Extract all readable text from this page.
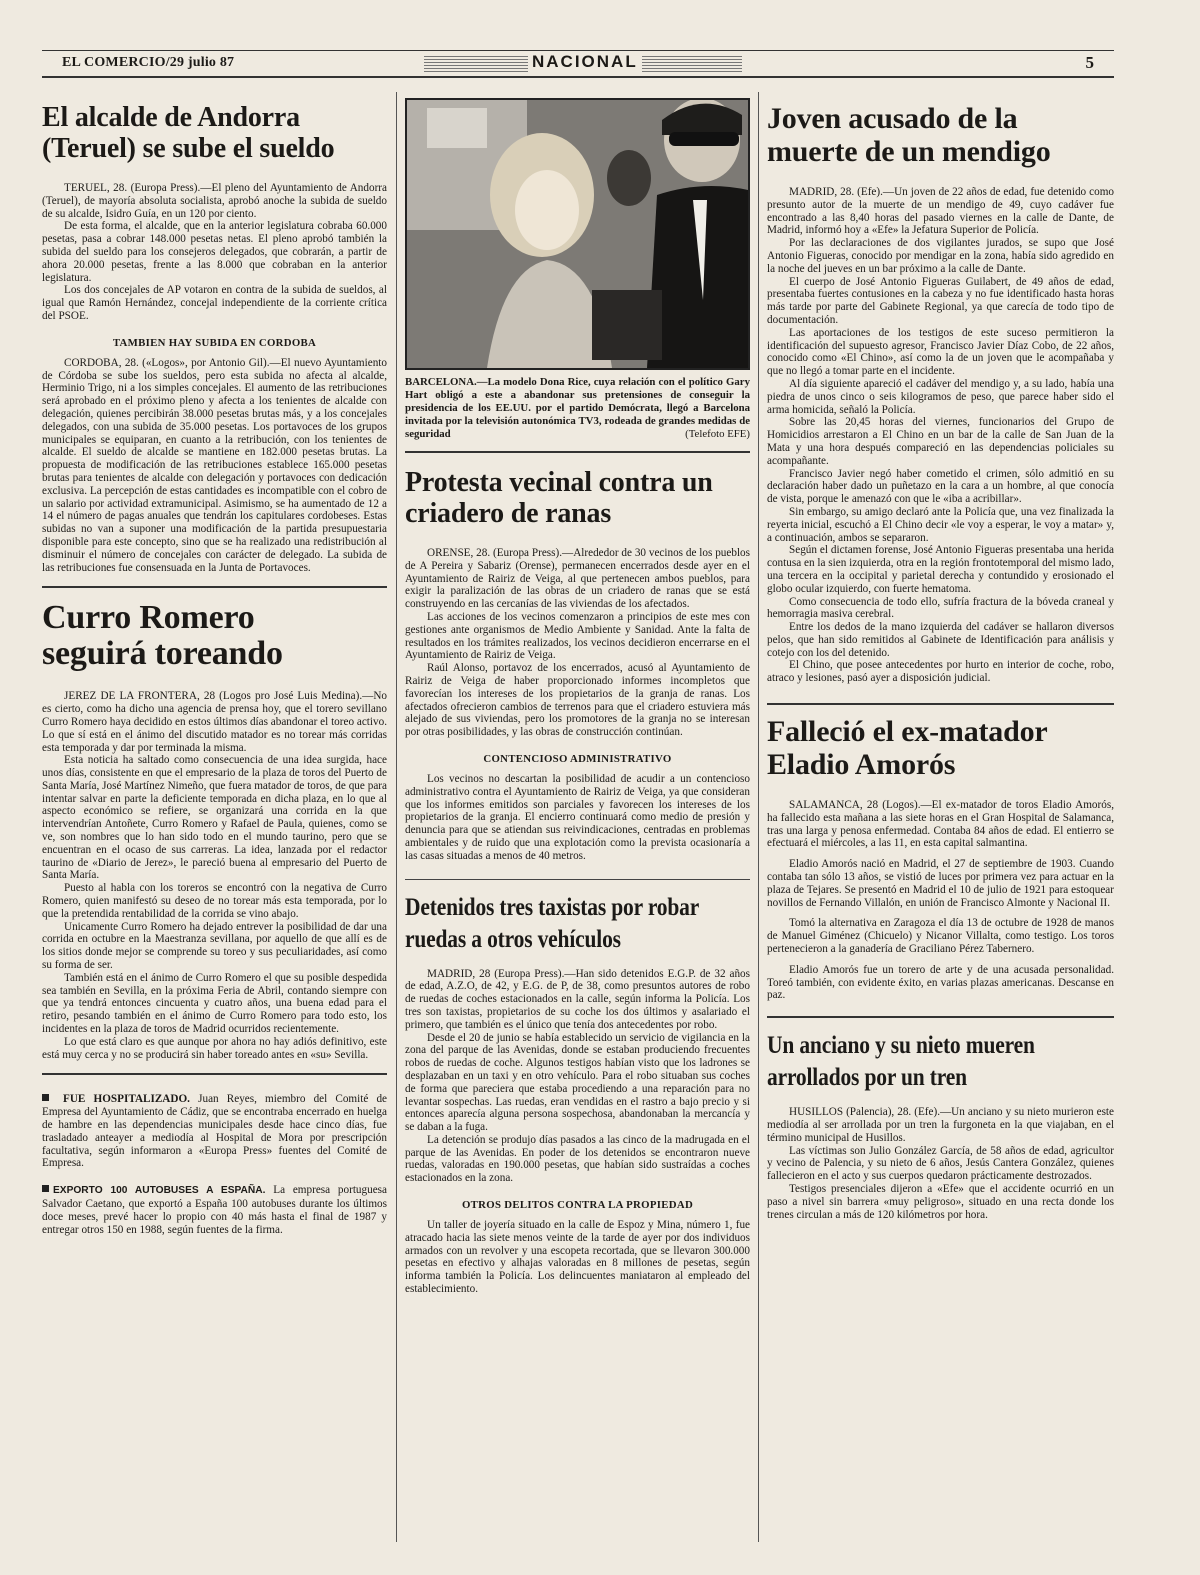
EL COMERCIO/29 julio 87	NACIONAL	5
El alcalde de Andorra (Teruel) se sube el sueldo

TERUEL, 28. (Europa Press).—El pleno del Ayuntamiento de Andorra (Teruel), de mayoría absoluta socialista, aprobó anoche la subida de sueldo de su alcalde, Isidro Guía, en un 120 por ciento.

De esta forma, el alcalde, que en la anterior legislatura cobraba 60.000 pesetas, pasa a cobrar 148.000 pesetas netas. El pleno aprobó también la subida del sueldo para los consejeros delegados, que cobrarán, a partir de ahora 20.000 pesetas, frente a las 8.000 que cobraban en la anterior legislatura.

Los dos concejales de AP votaron en contra de la subida de sueldos, al igual que Ramón Hernández, concejal independiente de la corriente crítica del PSOE.

TAMBIEN HAY SUBIDA EN CORDOBA

CORDOBA, 28. («Logos», por Antonio Gil).—El nuevo Ayuntamiento de Córdoba se sube los sueldos, pero esta subida no afecta al alcalde, Herminio Trigo, ni a los simples concejales. El aumento de las retribuciones será aprobado en el próximo pleno y afecta a los tenientes de alcalde con delegación, quienes percibirán 38.000 pesetas brutas más, y a los concejales delegados, con una subida de 35.000 pesetas. Los portavoces de los grupos municipales se equiparan, en cuanto a la retribución, con los tenientes de alcalde. El sueldo de alcalde se mantiene en 182.000 pesetas brutas. La propuesta de modificación de las retribuciones establece 165.000 pesetas brutas para tenientes de alcalde con delegación y portavoces con dedicación exclusiva. La percepción de estas cantidades es incompatible con el cobro de un salario por actividad extramunicipal. Asimismo, se ha aumentado de 12 a 14 el número de pagas anuales que tendrán los capitulares cordobeses. Estas subidas no van a suponer una modificación de la partida presupuestaria disponible para este concepto, sino que se ha realizado una redistribución al disminuir el número de concejales con carácter de delegado. La subida de las retribuciones fue consensuada en la Junta de Portavoces.

Curro Romero seguirá toreando

JEREZ DE LA FRONTERA, 28 (Logos pro José Luis Medina).—No es cierto, como ha dicho una agencia de prensa hoy, que el torero sevillano Curro Romero haya decidido en estos últimos días abandonar el toreo activo. Lo que sí está en el ánimo del discutido matador es no torear más corridas esta temporada y dar por terminada la misma.

Esta noticia ha saltado como consecuencia de una idea surgida, hace unos días, consistente en que el empresario de la plaza de toros del Puerto de Santa María, José Martínez Nimeño, que fuera matador de toros, de que para intentar salvar en parte la deficiente temporada en dicha plaza, en lo que al aspecto económico se refiere, se organizará una corrida en la que intervendrían Antoñete, Curro Romero y Rafael de Paula, quienes, como se ve, son nombres que lo han sido todo en el mundo taurino, pero que se encuentran en el ocaso de sus carreras. La idea, lanzada por el redactor taurino de «Diario de Jerez», le pareció buena al empresario del Puerto de Santa María.

Puesto al habla con los toreros se encontró con la negativa de Curro Romero, quien manifestó su deseo de no torear más esta temporada, por lo que la pretendida rentabilidad de la corrida se vino abajo.

Unicamente Curro Romero ha dejado entrever la posibilidad de dar una corrida en octubre en la Maestranza sevillana, por aquello de que allí es de los sitios donde mejor se comprende su toreo y sus peculiaridades, así como su forma de ser.

También está en el ánimo de Curro Romero el que su posible despedida sea también en Sevilla, en la próxima Feria de Abril, contando siempre con que ya tendrá entonces cincuenta y cuatro años, una buena edad para el retiro, pesando también en el ánimo de Curro Romero para todo esto, los incidentes en la plaza de toros de Madrid ocurridos recientemente.

Lo que está claro es que aunque por ahora no hay adiós definitivo, este está muy cerca y no se producirá sin haber toreado antes en «su» Sevilla.

FUE HOSPITALIZADO. Juan Reyes, miembro del Comité de Empresa del Ayuntamiento de Cádiz, que se encontraba encerrado en huelga de hambre en las dependencias municipales desde hace cinco días, fue trasladado anteayer a mediodía al Hospital de Mora por prescripción facultativa, según informaron a «Europa Press» fuentes del Comité de Empresa.

EXPORTO 100 AUTOBUSES A ESPAÑA. La empresa portuguesa Salvador Caetano, que exportó a España 100 autobuses durante los últimos doce meses, prevé hacer lo propio con 40 más hasta el final de 1987 y entregar otros 150 en 1988, según fuentes de la firma.

BARCELONA.—La modelo Dona Rice, cuya relación con el político Gary Hart obligó a este a abandonar sus pretensiones de conseguir la presidencia de los EE.UU. por el partido Demócrata, llegó a Barcelona invitada por la televisión autonómica TV3, rodeada de grandes medidas de seguridad	(Telefoto EFE)
Protesta vecinal contra un criadero de ranas

ORENSE, 28. (Europa Press).—Alrededor de 30 vecinos de los pueblos de A Pereira y Sabariz (Orense), permanecen encerrados desde ayer en el Ayuntamiento de Rairiz de Veiga, al que pertenecen ambos pueblos, para exigir la paralización de las obras de un criadero de ranas que se está construyendo en las cercanías de las viviendas de los afectados.

Las acciones de los vecinos comenzaron a principios de este mes con gestiones ante organismos de Medio Ambiente y Sanidad. Ante la falta de resultados en los trámites realizados, los vecinos decidieron encerrarse en el Ayuntamiento de Rairiz de Veiga.

Raúl Alonso, portavoz de los encerrados, acusó al Ayuntamiento de Rairiz de Veiga de haber proporcionado informes incompletos que favorecían los intereses de los propietarios de la granja de ranas. Los afectados ofrecieron cambios de terrenos para que el criadero estuviera más alejado de sus viviendas, pero los promotores de la granja no se interesan por otras posibilidades, y las obras de construcción continúan.

CONTENCIOSO ADMINISTRATIVO

Los vecinos no descartan la posibilidad de acudir a un contencioso administrativo contra el Ayuntamiento de Rairiz de Veiga, ya que consideran que los informes emitidos son parciales y favorecen los intereses de los propietarios de la granja. El encierro continuará como medio de presión y denuncia para que se atiendan sus reivindicaciones, centradas en problemas ambientales y de ruido que una explotación como la prevista ocasionaría a las casas situadas a menos de 40 metros.

Detenidos tres taxistas por robar ruedas a otros vehículos

MADRID, 28 (Europa Press).—Han sido detenidos E.G.P. de 32 años de edad, A.Z.O, de 42, y E.G. de P, de 38, como presuntos autores de robo de ruedas de coches estacionados en la calle, según informa la Policía. Los tres son taxistas, propietarios de su coche los dos últimos y asalariado el primero, que también es el único que tenía dos antecedentes por robo.

Desde el 20 de junio se había establecido un servicio de vigilancia en la zona del parque de las Avenidas, donde se estaban produciendo frecuentes robos de ruedas de coche. Algunos testigos habían visto que los ladrones se desplazaban en un taxi y en otro vehículo. Para el robo situaban sus coches de forma que pareciera que estaba procediendo a una reparación para no levantar sospechas. Las ruedas, eran vendidas en el rastro a bajo precio y si entonces aparecía alguna persona sospechosa, abandonaban la mercancía y se daban a la fuga.

La detención se produjo días pasados a las cinco de la madrugada en el parque de las Avenidas. En poder de los detenidos se encontraron nueve ruedas, valoradas en 190.000 pesetas, que habían sido sustraídas a coches estacionados en la zona.

OTROS DELITOS CONTRA LA PROPIEDAD

Un taller de joyería situado en la calle de Espoz y Mina, número 1, fue atracado hacia las siete menos veinte de la tarde de ayer por dos individuos armados con un revolver y una escopeta recortada, que se llevaron 300.000 pesetas en efectivo y alhajas valoradas en 8 millones de pesetas, según informa también la Policía. Los delincuentes maniataron al empleado del establecimiento.

Joven acusado de la muerte de un mendigo

MADRID, 28. (Efe).—Un joven de 22 años de edad, fue detenido como presunto autor de la muerte de un mendigo de 49, cuyo cadáver fue encontrado a las 8,40 horas del pasado viernes en la calle de Dante, de Madrid, informó hoy a «Efe» la Jefatura Superior de Policía.

Por las declaraciones de dos vigilantes jurados, se supo que José Antonio Figueras, conocido por mendigar en la zona, había sido agredido en la noche del jueves en un bar próximo a la calle de Dante.

El cuerpo de José Antonio Figueras Guilabert, de 49 años de edad, presentaba fuertes contusiones en la cabeza y no fue identificado hasta horas más tarde por parte del Gabinete Regional, ya que carecía de todo tipo de documentación.

Las aportaciones de los testigos de este suceso permitieron la identificación del supuesto agresor, Francisco Javier Díaz Cobo, de 22 años, conocido como «El Chino», así como la de un joven que le acompañaba y que no llegó a tomar parte en el incidente.

Al día siguiente apareció el cadáver del mendigo y, a su lado, había una piedra de unos cinco o seis kilogramos de peso, que parece haber sido el arma homicida, señaló la Policía.

Sobre las 20,45 horas del viernes, funcionarios del Grupo de Homicidios arrestaron a El Chino en un bar de la calle de San Juan de la Mata y una hora después compareció en las dependencias policiales su acompañante.

Francisco Javier negó haber cometido el crimen, sólo admitió en su declaración haber dado un puñetazo en la cara a un hombre, al que conocía de vista, porque le amenazó con que le «iba a acribillar».

Sin embargo, su amigo declaró ante la Policía que, una vez finalizada la reyerta inicial, escuchó a El Chino decir «le voy a esperar, le voy a matar» y, a continuación, ambos se separaron.

Según el dictamen forense, José Antonio Figueras presentaba una herida contusa en la sien izquierda, otra en la región frontotemporal del mismo lado, una tercera en la occipital y parietal derecha y contundido y erosionado el globo ocular izquierdo, con fuerte hematoma.

Como consecuencia de todo ello, sufría fractura de la bóveda craneal y hemorragia masiva cerebral.

Entre los dedos de la mano izquierda del cadáver se hallaron diversos pelos, que han sido remitidos al Gabinete de Identificación para análisis y cotejo con los del detenido.

El Chino, que posee antecedentes por hurto en interior de coche, robo, atraco y lesiones, pasó ayer a disposición judicial.

Falleció el ex-matador Eladio Amorós

SALAMANCA, 28 (Logos).—El ex-matador de toros Eladio Amorós, ha fallecido esta mañana a las siete horas en el Gran Hospital de Salamanca, tras una larga y penosa enfermedad. Contaba 84 años de edad. El entierro se efectuará el miércoles, a las 11, en esta capital salmantina.

Eladio Amorós nació en Madrid, el 27 de septiembre de 1903. Cuando contaba tan sólo 13 años, se vistió de luces por primera vez para actuar en la plaza de Tejares. Se presentó en Madrid el 10 de julio de 1921 para estoquear novillos de Fernando Villalón, en unión de Francisco Almonte y Nacional II.

Tomó la alternativa en Zaragoza el día 13 de octubre de 1928 de manos de Manuel Giménez (Chicuelo) y Nicanor Villalta, como testigo. Los toros pertenecieron a la ganadería de Graciliano Pérez Tabernero.

Eladio Amorós fue un torero de arte y de una acusada personalidad. Toreó también, con evidente éxito, en varias plazas americanas. Descanse en paz.

Un anciano y su nieto mueren arrollados por un tren

HUSILLOS (Palencia), 28. (Efe).—Un anciano y su nieto murieron este mediodía al ser arrollada por un tren la furgoneta en la que viajaban, en el término municipal de Husillos.

Las víctimas son Julio González García, de 58 años de edad, agricultor y vecino de Palencia, y su nieto de 6 años, Jesús Cantera González, quienes fallecieron en el acto y sus cuerpos quedaron prácticamente destrozados.

Testigos presenciales dijeron a «Efe» que el accidente ocurrió en un paso a nivel sin barrera «muy peligroso», situado en una recta donde los trenes circulan a más de 120 kilómetros por hora.
